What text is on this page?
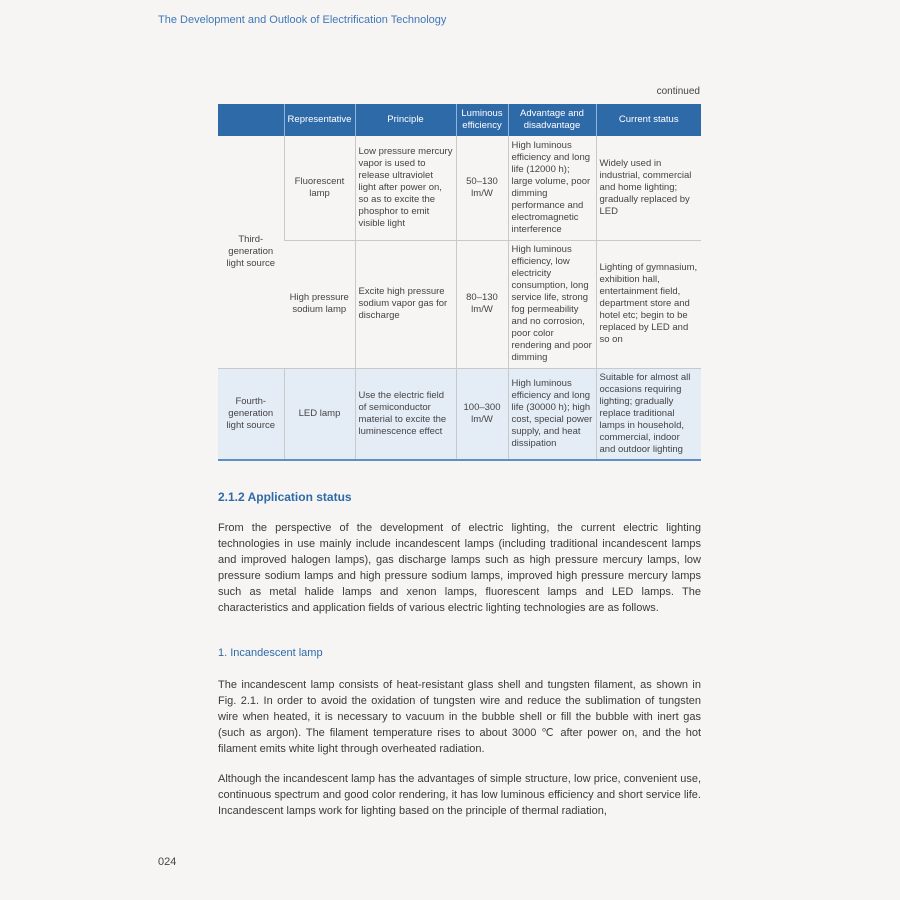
The Development and Outlook of Electrification Technology
continued
	Representative	Principle	Luminous efficiency	Advantage and disadvantage	Current status
Third-generation light source	Fluorescent lamp	Low pressure mercury vapor is used to release ultraviolet light after power on, so as to excite the phosphor to emit visible light	50–130 lm/W	High luminous efficiency and long life (12000 h); large volume, poor dimming performance and electromagnetic interference	Widely used in industrial, commercial and home lighting; gradually replaced by LED
	High pressure sodium lamp	Excite high pressure sodium vapor gas for discharge	80–130 lm/W	High luminous efficiency, low electricity consumption, long service life, strong fog permeability and no corrosion, poor color rendering and poor dimming	Lighting of gymnasium, exhibition hall, entertainment field, department store and hotel etc; begin to be replaced by LED and so on
Fourth-generation light source	LED lamp	Use the electric field of semiconductor material to excite the luminescence effect	100–300 lm/W	High luminous efficiency and long life (30000 h); high cost, special power supply, and heat dissipation	Suitable for almost all occasions requiring lighting; gradually replace traditional lamps in household, commercial, indoor and outdoor lighting
2.1.2 Application status

From the perspective of the development of electric lighting, the current electric lighting technologies in use mainly include incandescent lamps (including traditional incandescent lamps and improved halogen lamps), gas discharge lamps such as high pressure mercury lamps, low pressure sodium lamps and high pressure sodium lamps, improved high pressure mercury lamps such as metal halide lamps and xenon lamps, fluorescent lamps and LED lamps. The characteristics and application fields of various electric lighting technologies are as follows.

1. Incandescent lamp

The incandescent lamp consists of heat-resistant glass shell and tungsten filament, as shown in Fig. 2.1. In order to avoid the oxidation of tungsten wire and reduce the sublimation of tungsten wire when heated, it is necessary to vacuum in the bubble shell or fill the bubble with inert gas (such as argon). The filament temperature rises to about 3000 ℃ after power on, and the hot filament emits white light through overheated radiation.

Although the incandescent lamp has the advantages of simple structure, low price, convenient use, continuous spectrum and good color rendering, it has low luminous efficiency and short service life. Incandescent lamps work for lighting based on the principle of thermal radiation,

024
